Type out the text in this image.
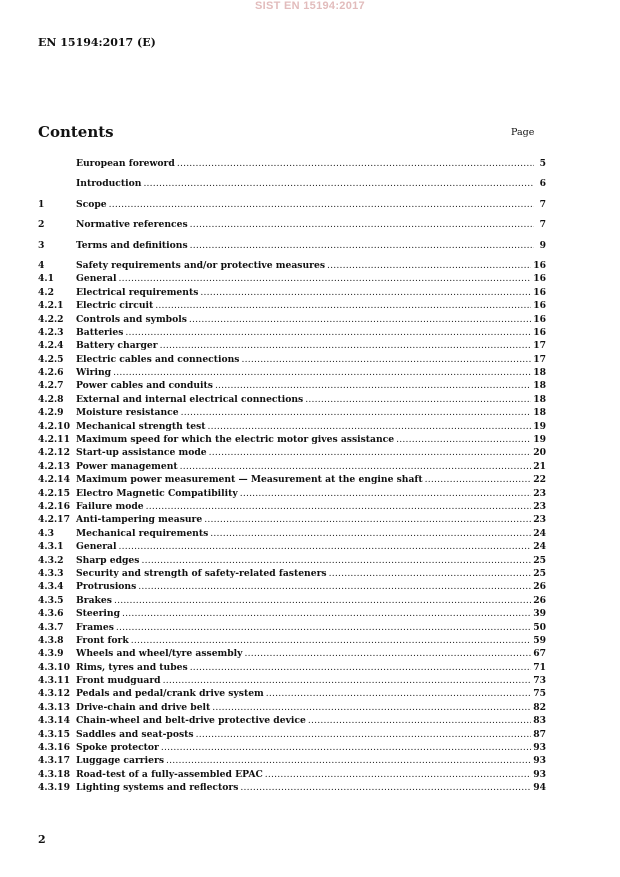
SIST EN 15194:2017
EN 15194:2017 (E)
Contents	Page
European foreword .....	5
Introduction .....	6
1	Scope .....	7
2	Normative references .....	7
3	Terms and definitions .....	9
4	Safety requirements and/or protective measures .....	16
4.1	General .....	16
4.2	Electrical requirements .....	16
4.2.1	Electric circuit .....	16
4.2.2	Controls and symbols .....	16
4.2.3	Batteries .....	16
4.2.4	Battery charger .....	17
4.2.5	Electric cables and connections .....	17
4.2.6	Wiring .....	18
4.2.7	Power cables and conduits .....	18
4.2.8	External and internal electrical connections .....	18
4.2.9	Moisture resistance .....	18
4.2.10 Mechanical strength test .....	19
4.2.11 Maximum speed for which the electric motor gives assistance .....	19
4.2.12 Start-up assistance mode .....	20
4.2.13 Power management .....	21
4.2.14 Maximum power measurement — Measurement at the engine shaft .....	22
4.2.15 Electro Magnetic Compatibility .....	23
4.2.16 Failure mode .....	23
4.2.17 Anti-tampering measure .....	23
4.3	Mechanical requirements .....	24
4.3.1	General .....	24
4.3.2	Sharp edges .....	25
4.3.3	Security and strength of safety-related fasteners .....	25
4.3.4	Protrusions .....	26
4.3.5	Brakes .....	26
4.3.6	Steering .....	39
4.3.7	Frames .....	50
4.3.8	Front fork .....	59
4.3.9	Wheels and wheel/tyre assembly .....	67
4.3.10 Rims, tyres and tubes .....	71
4.3.11 Front mudguard .....	73
4.3.12 Pedals and pedal/crank drive system .....	75
4.3.13 Drive-chain and drive belt .....	82
4.3.14 Chain-wheel and belt-drive protective device .....	83
4.3.15 Saddles and seat-posts .....	87
4.3.16 Spoke protector .....	93
4.3.17 Luggage carriers .....	93
4.3.18 Road-test of a fully-assembled EPAC .....	93
4.3.19 Lighting systems and reflectors .....	94
2
